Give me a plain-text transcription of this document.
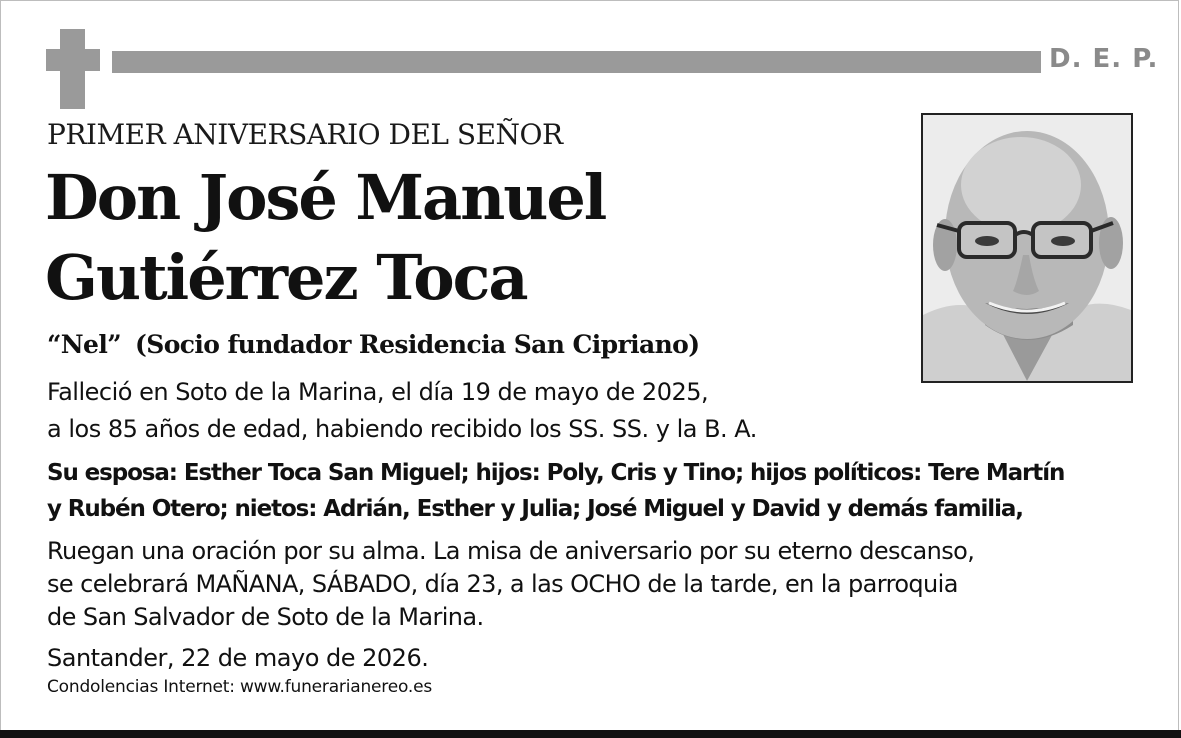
D. E. P.
PRIMER ANIVERSARIO DEL SEÑOR
Don José Manuel
Gutiérrez Toca
“Nel” (Socio fundador Residencia San Cipriano)
Falleció en Soto de la Marina, el día 19 de mayo de 2025,
a los 85 años de edad, habiendo recibido los SS. SS. y la B. A.
Su esposa: Esther Toca San Miguel; hijos: Poly, Cris y Tino; hijos políticos: Tere Martín
y Rubén Otero; nietos: Adrián, Esther y Julia; José Miguel y David y demás familia,
Ruegan una oración por su alma. La misa de aniversario por su eterno descanso,
se celebrará MAÑANA, SÁBADO, día 23, a las OCHO de la tarde, en la parroquia
de San Salvador de Soto de la Marina.
Santander, 22 de mayo de 2026.
Condolencias Internet: www.funerarianereo.es
